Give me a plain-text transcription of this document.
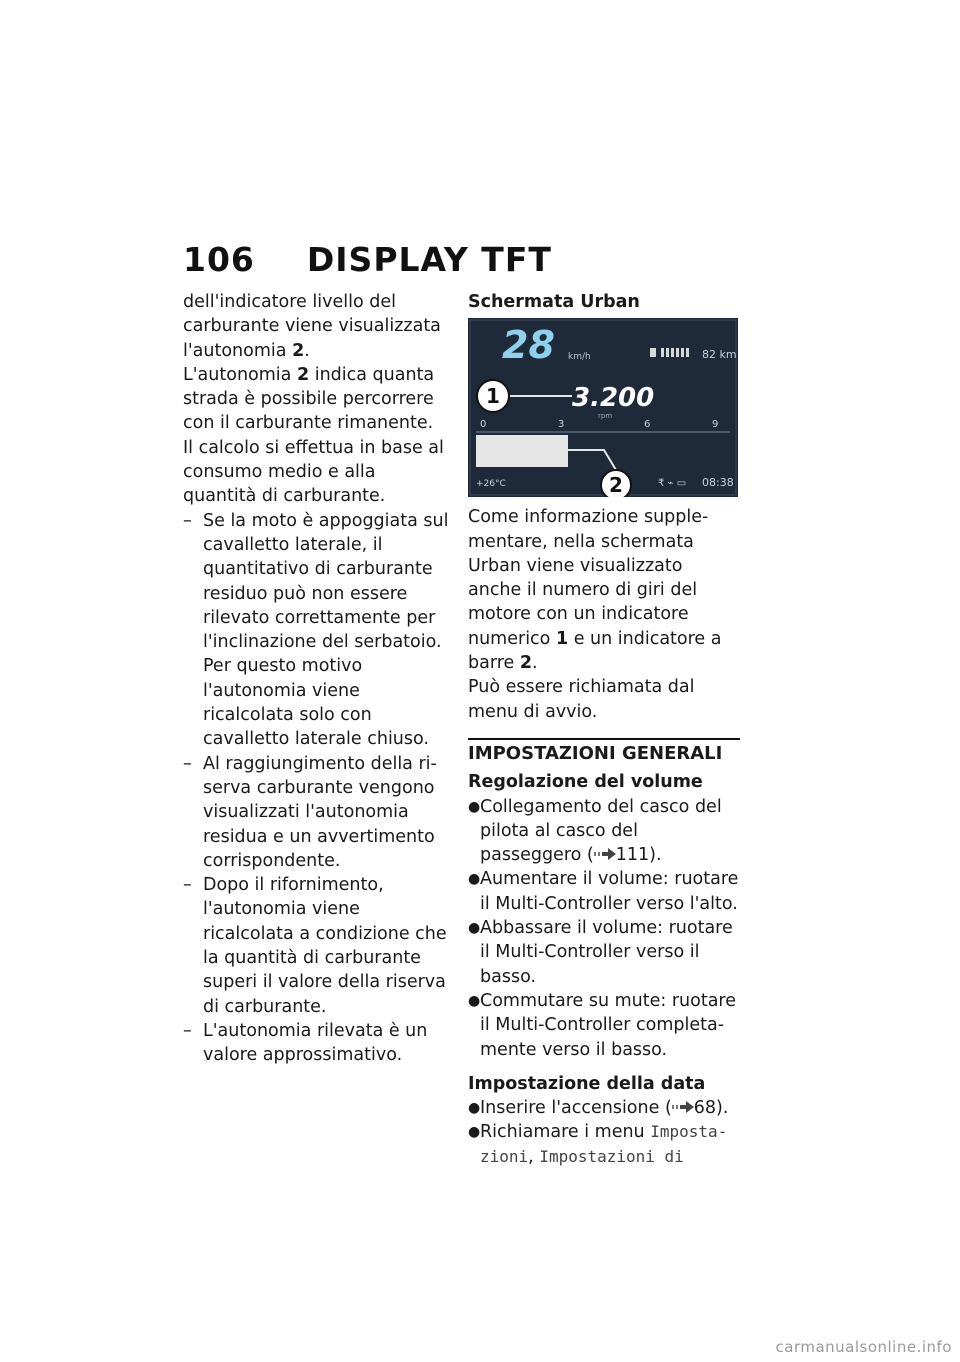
106 DISPLAY TFT

dell'indicatore livello del carburante viene visualizzata l'autonomia 2.

L'autonomia 2 indica quanta strada è possibile percorrere con il carburante rimanente.

Il calcolo si effettua in base al consumo medio e alla quantità di carburante.

– Se la moto è appoggiata sul cavalletto laterale, il quantitativo di carburante residuo può non essere rilevato correttamente per l'inclinazione del serbatoio. Per questo motivo l'autonomia viene ricalcolata solo con cavalletto laterale chiuso.
– Al raggiungimento della riserva carburante vengono visualizzati l'autonomia residua e un avvertimento corrispondente.
– Dopo il rifornimento, l'autonomia viene ricalcolata a condizione che la quantità di carburante superi il valore della riserva di carburante.
– L'autonomia rilevata è un valore approssimativo.

Schermata Urban

28 km/h	82 km
1	3.200
rpm
0	3	6	9
2
+26°C	₹ ⌁ ▭ 08:38

Come informazione supplementare, nella schermata Urban viene visualizzato anche il numero di giri del motore con un indicatore numerico 1 e un indicatore a barre 2.

Può essere richiamata dal menu di avvio.

IMPOSTAZIONI GENERALI

Regolazione del volume

● Collegamento del casco del pilota al casco del passeggero ( 111).
● Aumentare il volume: ruotare il Multi-Controller verso l'alto.
● Abbassare il volume: ruotare il Multi-Controller verso il basso.
● Commutare su mute: ruotare il Multi-Controller completamente verso il basso.

Impostazione della data

● Inserire l'accensione ( 68).
● Richiamare i menu Impostazioni, Impostazioni di
carmanualsonline.info
